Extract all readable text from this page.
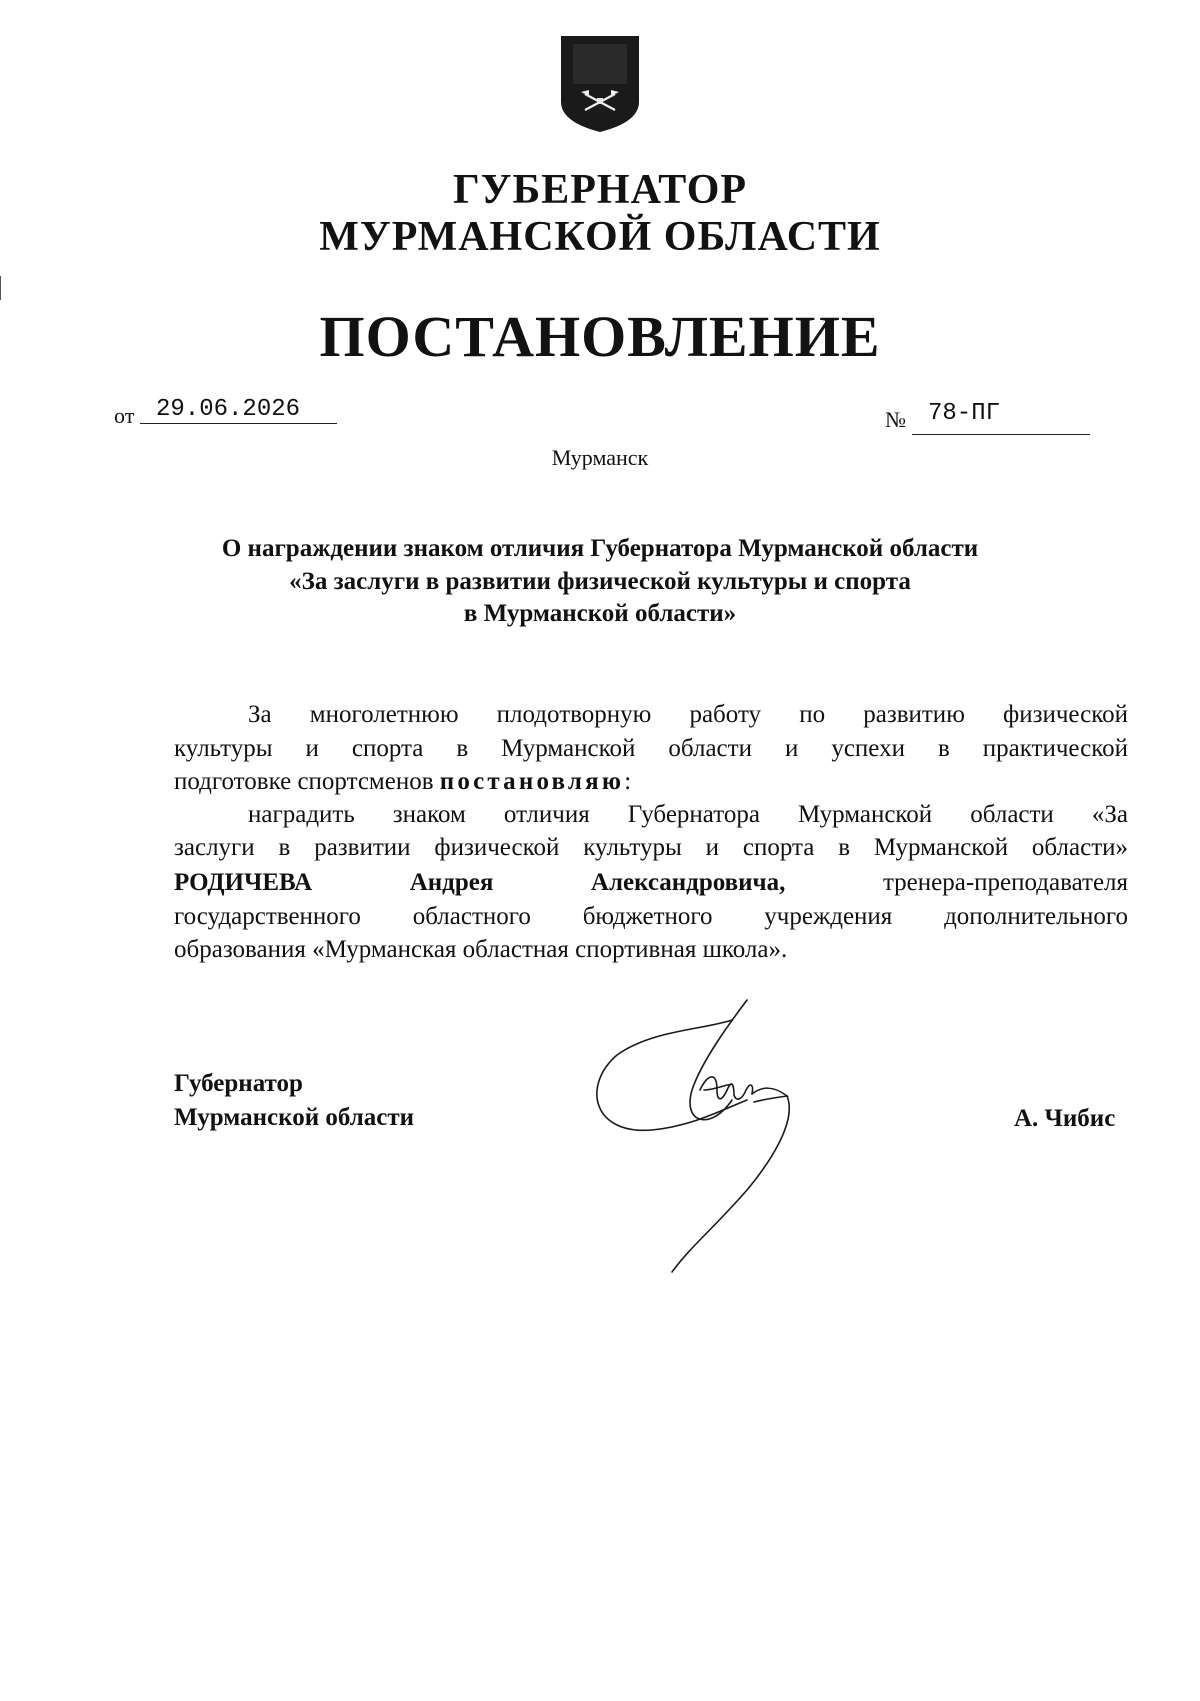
ГУБЕРНАТОР
МУРМАНСКОЙ ОБЛАСТИ
ПОСТАНОВЛЕНИЕ
от 29.06.2026	№ 78-ПГ
Мурманск
О награждении знаком отличия Губернатора Мурманской области
«За заслуги в развитии физической культуры и спорта
в Мурманской области»
За многолетнюю плодотворную работу по развитию физической
культуры и спорта в Мурманской области и успехи в практической
подготовке спортсменов постановляю:
наградить знаком отличия Губернатора Мурманской области «За
заслуги в развитии физической культуры и спорта в Мурманской области»
РОДИЧЕВА	Андрея	Александровича,	тренера-преподавателя
государственного областного бюджетного учреждения дополнительного
образования «Мурманская областная спортивная школа».
Губернатор
Мурманской области	А. Чибис
